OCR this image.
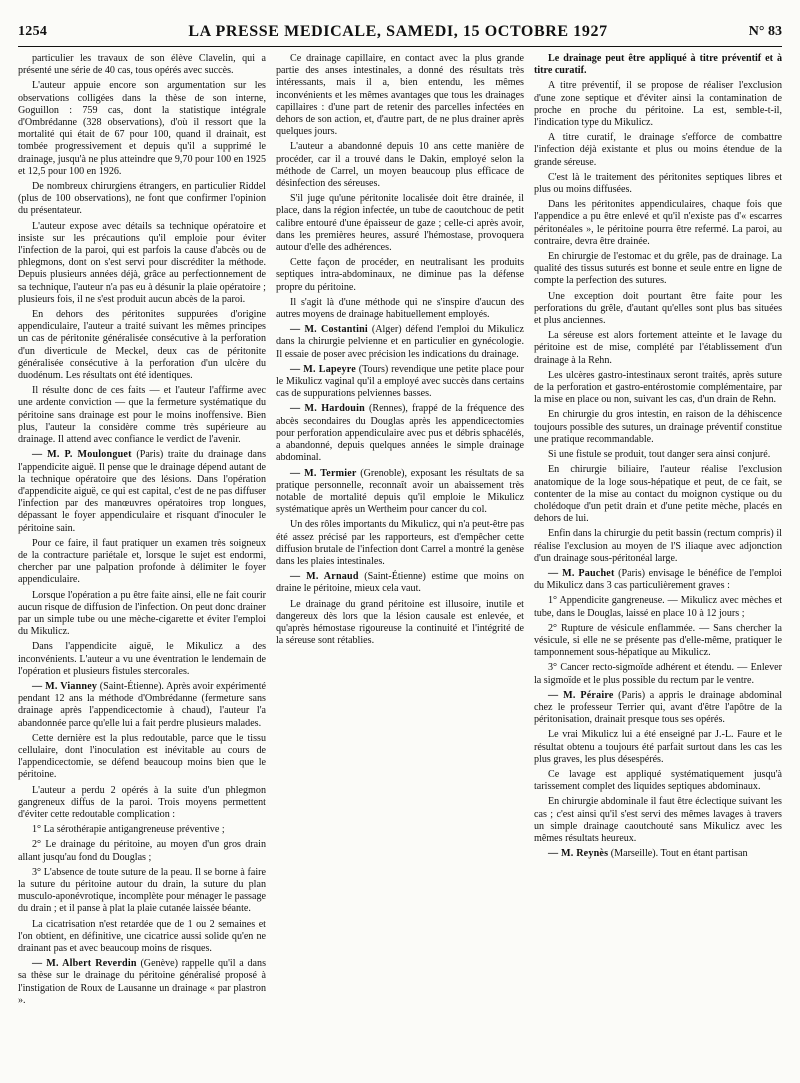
1254	LA PRESSE MEDICALE, SAMEDI, 15 OCTOBRE 1927	N° 83

particulier les travaux de son élève Clavelin, qui a présenté une série de 40 cas, tous opérés avec succès.

L'auteur appuie encore son argumentation sur les observations colligées dans la thèse de son interne, Goguillon : 759 cas, dont la statistique intégrale d'Ombrédanne (328 observations), d'où il ressort que la mortalité qui était de 67 pour 100, quand il drainait, est tombée progressivement et depuis qu'il a supprimé le drainage, jusqu'à ne plus atteindre que 9,70 pour 100 en 1925 et 12,5 pour 100 en 1926.

De nombreux chirurgiens étrangers, en particulier Riddel (plus de 100 observations), ne font que confirmer l'opinion du présentateur.

L'auteur expose avec détails sa technique opératoire et insiste sur les précautions qu'il emploie pour éviter l'infection de la paroi, qui est parfois la cause d'abcès ou de phlegmons, dont on s'est servi pour discréditer la méthode. Depuis plusieurs années déjà, grâce au perfectionnement de sa technique, l'auteur n'a pas eu à désunir la plaie opératoire ; plusieurs fois, il ne s'est produit aucun abcès de la paroi.

En dehors des péritonites suppurées d'origine appendiculaire, l'auteur a traité suivant les mêmes principes un cas de péritonite généralisée consécutive à la perforation d'un diverticule de Meckel, deux cas de péritonite généralisée consécutive à la perforation d'un ulcère du duodénum. Les résultats ont été identiques.

Il résulte donc de ces faits — et l'auteur l'affirme avec une ardente conviction — que la fermeture systématique du péritoine sans drainage est pour le moins inoffensive. Bien plus, l'auteur la considère comme très supérieure au drainage. Il attend avec confiance le verdict de l'avenir.

— M. P. Moulonguet (Paris) traite du drainage dans l'appendicite aiguë. Il pense que le drainage dépend autant de la technique opératoire que des lésions. Dans l'opération d'appendicite aiguë, ce qui est capital, c'est de ne pas diffuser l'infection par des manœuvres opératoires trop longues, dépassant le foyer appendiculaire et risquant d'inoculer le péritoine sain.

Pour ce faire, il faut pratiquer un examen très soigneux de la contracture pariétale et, lorsque le sujet est endormi, chercher par une palpation profonde à délimiter le foyer appendiculaire.

Lorsque l'opération a pu être faite ainsi, elle ne fait courir aucun risque de diffusion de l'infection. On peut donc drainer par un simple tube ou une mèche-cigarette et éviter l'emploi du Mikulicz.

Dans l'appendicite aiguë, le Mikulicz a des inconvénients. L'auteur a vu une éventration le lendemain de l'opération et plusieurs fistules stercorales.

— M. Vianney (Saint-Étienne). Après avoir expérimenté pendant 12 ans la méthode d'Ombrédanne (fermeture sans drainage après l'appendicectomie à chaud), l'auteur l'a abandonnée parce qu'elle lui a fait perdre plusieurs malades.

Cette dernière est la plus redoutable, parce que le tissu cellulaire, dont l'inoculation est inévitable au cours de l'appendicectomie, se défend beaucoup moins bien que le péritoine.

L'auteur a perdu 2 opérés à la suite d'un phlegmon gangreneux diffus de la paroi. Trois moyens permettent d'éviter cette redoutable complication :

1° La sérothérapie antigangreneuse préventive ;

2° Le drainage du péritoine, au moyen d'un gros drain allant jusqu'au fond du Douglas ;

3° L'absence de toute suture de la peau. Il se borne à faire la suture du péritoine autour du drain, la suture du plan musculo-aponévrotique, incomplète pour ménager le passage du drain ; et il panse à plat la plaie cutanée laissée béante.

La cicatrisation n'est retardée que de 1 ou 2 semaines et l'on obtient, en définitive, une cicatrice aussi solide qu'en ne drainant pas et avec beaucoup moins de risques.

— M. Albert Reverdin (Genève) rappelle qu'il a dans sa thèse sur le drainage du péritoine généralisé proposé à l'instigation de Roux de Lausanne un drainage « par plastron ».

Ce drainage capillaire, en contact avec la plus grande partie des anses intestinales, a donné des résultats très intéressants, mais il a, bien entendu, les mêmes inconvénients et les mêmes avantages que tous les drainages capillaires : d'une part de retenir des parcelles infectées en dehors de son action, et, d'autre part, de ne plus drainer après quelques jours.

L'auteur a abandonné depuis 10 ans cette manière de procéder, car il a trouvé dans le Dakin, employé selon la méthode de Carrel, un moyen beaucoup plus efficace de désinfection des séreuses.

S'il juge qu'une péritonite localisée doit être drainée, il place, dans la région infectée, un tube de caoutchouc de petit calibre entouré d'une épaisseur de gaze ; celle-ci après avoir, dans les premières heures, assuré l'hémostase, provoquera autour d'elle des adhérences.

Cette façon de procéder, en neutralisant les produits septiques intra-abdominaux, ne diminue pas la défense propre du péritoine.

Il s'agit là d'une méthode qui ne s'inspire d'aucun des autres moyens de drainage habituellement employés.

— M. Costantini (Alger) défend l'emploi du Mikulicz dans la chirurgie pelvienne et en particulier en gynécologie. Il essaie de poser avec précision les indications du drainage.

— M. Lapeyre (Tours) revendique une petite place pour le Mikulicz vaginal qu'il a employé avec succès dans certains cas de suppurations pelviennes basses.

— M. Hardouin (Rennes), frappé de la fréquence des abcès secondaires du Douglas après les appendicectomies pour perforation appendiculaire avec pus et débris sphacélés, a abandonné, depuis quelques années le simple drainage abdominal.

— M. Termier (Grenoble), exposant les résultats de sa pratique personnelle, reconnaît avoir un abaissement très notable de mortalité depuis qu'il emploie le Mikulicz systématique après un Wertheim pour cancer du col.

Un des rôles importants du Mikulicz, qui n'a peut-être pas été assez précisé par les rapporteurs, est d'empêcher cette diffusion brutale de l'infection dont Carrel a montré la genèse dans les plaies intestinales.

— M. Arnaud (Saint-Étienne) estime que moins on draine le péritoine, mieux cela vaut.

Le drainage du grand péritoine est illusoire, inutile et dangereux dès lors que la lésion causale est enlevée, et qu'après hémostase rigoureuse la continuité et l'intégrité de la séreuse sont rétablies.

Le drainage peut être appliqué à titre préventif et à titre curatif.

A titre préventif, il se propose de réaliser l'exclusion d'une zone septique et d'éviter ainsi la contamination de proche en proche du péritoine. La est, semble-t-il, l'indication type du Mikulicz.

A titre curatif, le drainage s'efforce de combattre l'infection déjà existante et plus ou moins étendue de la grande séreuse.

C'est là le traitement des péritonites septiques libres et plus ou moins diffusées.

Dans les péritonites appendiculaires, chaque fois que l'appendice a pu être enlevé et qu'il n'existe pas d'« escarres péritonéales », le péritoine pourra être refermé. La paroi, au contraire, devra être drainée.

En chirurgie de l'estomac et du grêle, pas de drainage. La qualité des tissus suturés est bonne et seule entre en ligne de compte la perfection des sutures.

Une exception doit pourtant être faite pour les perforations du grêle, d'autant qu'elles sont plus bas situées et plus anciennes.

La séreuse est alors fortement atteinte et le lavage du péritoine est de mise, complété par l'établissement d'un drainage à la Rehn.

Les ulcères gastro-intestinaux seront traités, après suture de la perforation et gastro-entérostomie complémentaire, par la mise en place ou non, suivant les cas, d'un drain de Rehn.

En chirurgie du gros intestin, en raison de la déhiscence toujours possible des sutures, un drainage préventif constitue une pratique recommandable.

Si une fistule se produit, tout danger sera ainsi conjuré.

En chirurgie biliaire, l'auteur réalise l'exclusion anatomique de la loge sous-hépatique et peut, de ce fait, se contenter de la mise au contact du moignon cystique ou du cholédoque d'un petit drain et d'une petite mèche, placés en dehors de lui.

Enfin dans la chirurgie du petit bassin (rectum compris) il réalise l'exclusion au moyen de l'S iliaque avec adjonction d'un drainage sous-péritonéal large.

— M. Pauchet (Paris) envisage le bénéfice de l'emploi du Mikulicz dans 3 cas particulièrement graves :

1° Appendicite gangreneuse. — Mikulicz avec mèches et tube, dans le Douglas, laissé en place 10 à 12 jours ;

2° Rupture de vésicule enflammée. — Sans chercher la vésicule, si elle ne se présente pas d'elle-même, pratiquer le tamponnement sous-hépatique au Mikulicz.

3° Cancer recto-sigmoïde adhérent et étendu. — Enlever la sigmoïde et le plus possible du rectum par le ventre.

— M. Péraire (Paris) a appris le drainage abdominal chez le professeur Terrier qui, avant d'être l'apôtre de la péritonisation, drainait presque tous ses opérés.

Le vrai Mikulicz lui a été enseigné par J.-L. Faure et le résultat obtenu a toujours été parfait surtout dans les cas les plus graves, les plus désespérés.

Ce lavage est appliqué systématiquement jusqu'à tarissement complet des liquides septiques abdominaux.

En chirurgie abdominale il faut être éclectique suivant les cas ; c'est ainsi qu'il s'est servi des mêmes lavages à travers un simple drainage caoutchouté sans Mikulicz avec les mêmes résultats heureux.

— M. Reynès (Marseille). Tout en étant partisan
